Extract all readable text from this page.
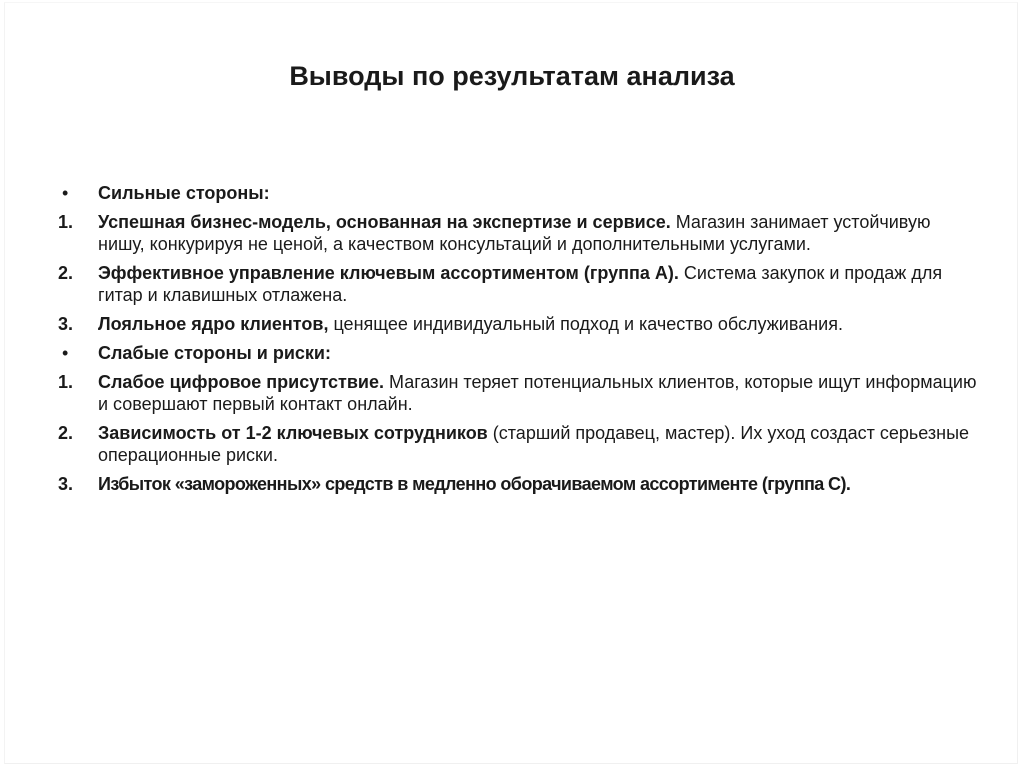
Выводы по результатам анализа
•	Сильные стороны:
1.	Успешная бизнес-модель, основанная на экспертизе и сервисе. Магазин занимает устойчивую нишу, конкурируя не ценой, а качеством консультаций и дополнительными услугами.
2.	Эффективное управление ключевым ассортиментом (группа А). Система закупок и продаж для гитар и клавишных отлажена.
3.	Лояльное ядро клиентов, ценящее индивидуальный подход и качество обслуживания.
•	Слабые стороны и риски:
1.	Слабое цифровое присутствие. Магазин теряет потенциальных клиентов, которые ищут информацию и совершают первый контакт онлайн.
2.	Зависимость от 1-2 ключевых сотрудников (старший продавец, мастер). Их уход создаст серьезные операционные риски.
3.	Избыток «замороженных» средств в медленно оборачиваемом ассортименте (группа С).
